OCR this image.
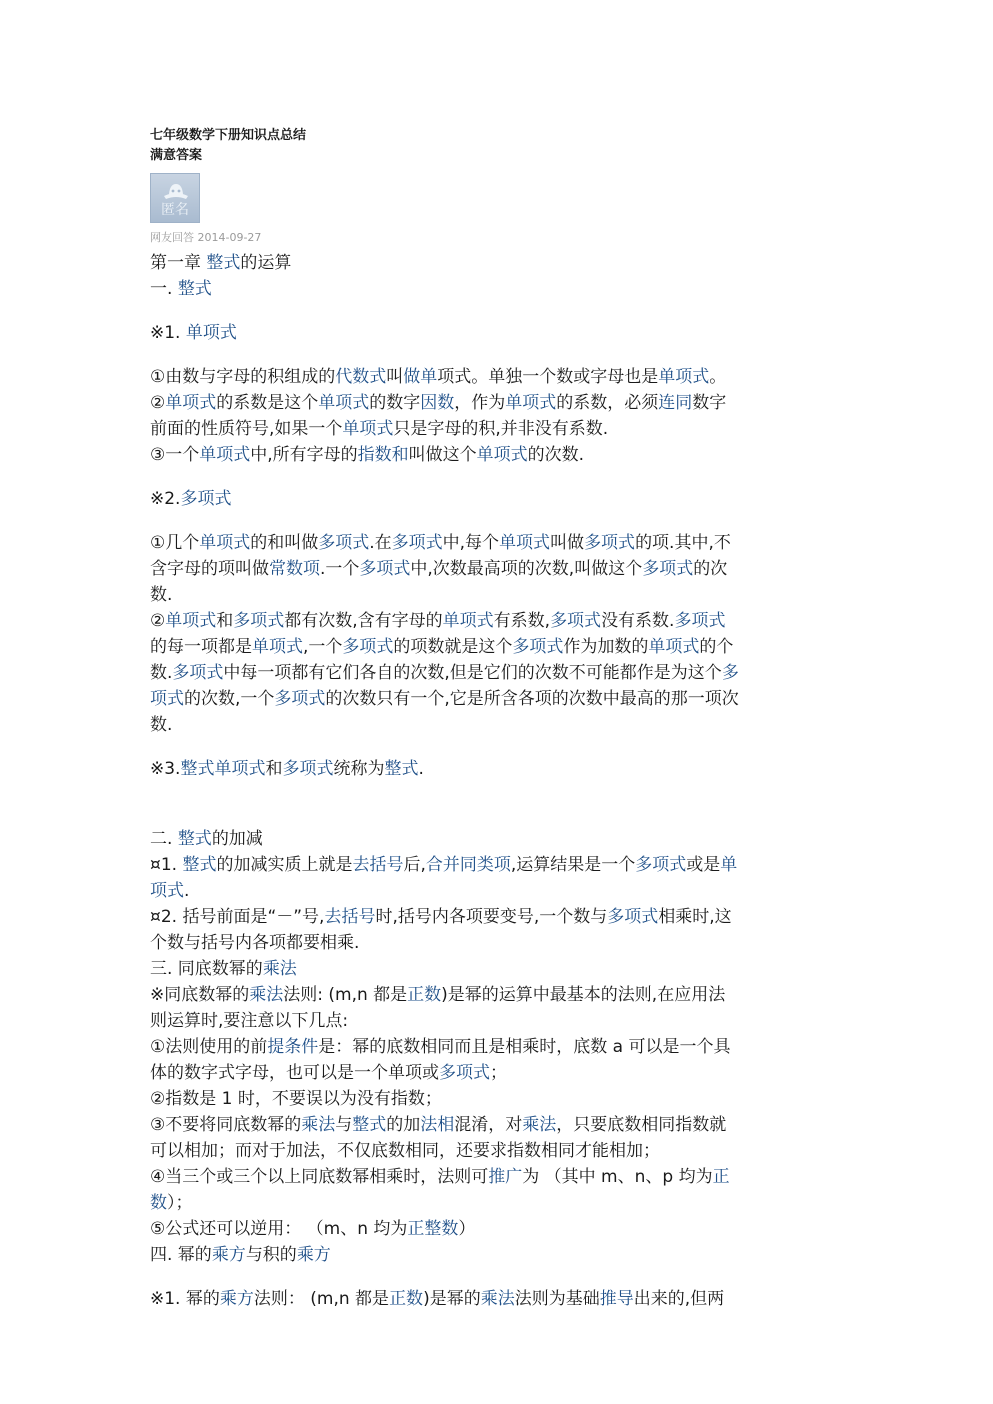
七年级数学下册知识点总结
满意答案
匿名
网友回答 2014-09-27
第一章 整式的运算
一. 整式
※1. 单项式
①由数与字母的积组成的代数式叫做单项式。单独一个数或字母也是单项式。
②单项式的系数是这个单项式的数字因数，作为单项式的系数，必须连同数字
前面的性质符号,如果一个单项式只是字母的积,并非没有系数.
③一个单项式中,所有字母的指数和叫做这个单项式的次数.
※2.多项式
①几个单项式的和叫做多项式.在多项式中,每个单项式叫做多项式的项.其中,不
含字母的项叫做常数项.一个多项式中,次数最高项的次数,叫做这个多项式的次
数.
②单项式和多项式都有次数,含有字母的单项式有系数,多项式没有系数.多项式
的每一项都是单项式,一个多项式的项数就是这个多项式作为加数的单项式的个
数.多项式中每一项都有它们各自的次数,但是它们的次数不可能都作是为这个多
项式的次数,一个多项式的次数只有一个,它是所含各项的次数中最高的那一项次
数.
※3.整式单项式和多项式统称为整式.
二. 整式的加减
¤1. 整式的加减实质上就是去括号后,合并同类项,运算结果是一个多项式或是单
项式.
¤2. 括号前面是“－”号,去括号时,括号内各项要变号,一个数与多项式相乘时,这
个数与括号内各项都要相乘.
三. 同底数幂的乘法
※同底数幂的乘法法则: (m,n 都是正数)是幂的运算中最基本的法则,在应用法
则运算时,要注意以下几点:
①法则使用的前提条件是：幂的底数相同而且是相乘时，底数 a 可以是一个具
体的数字式字母，也可以是一个单项或多项式；
②指数是 1 时，不要误以为没有指数；
③不要将同底数幂的乘法与整式的加法相混淆，对乘法，只要底数相同指数就
可以相加；而对于加法，不仅底数相同，还要求指数相同才能相加；
④当三个或三个以上同底数幂相乘时，法则可推广为 （其中 m、n、p 均为正
数）；
⑤公式还可以逆用： （m、n 均为正整数）
四. 幂的乘方与积的乘方
※1. 幂的乘方法则： (m,n 都是正数)是幂的乘法法则为基础推导出来的,但两
